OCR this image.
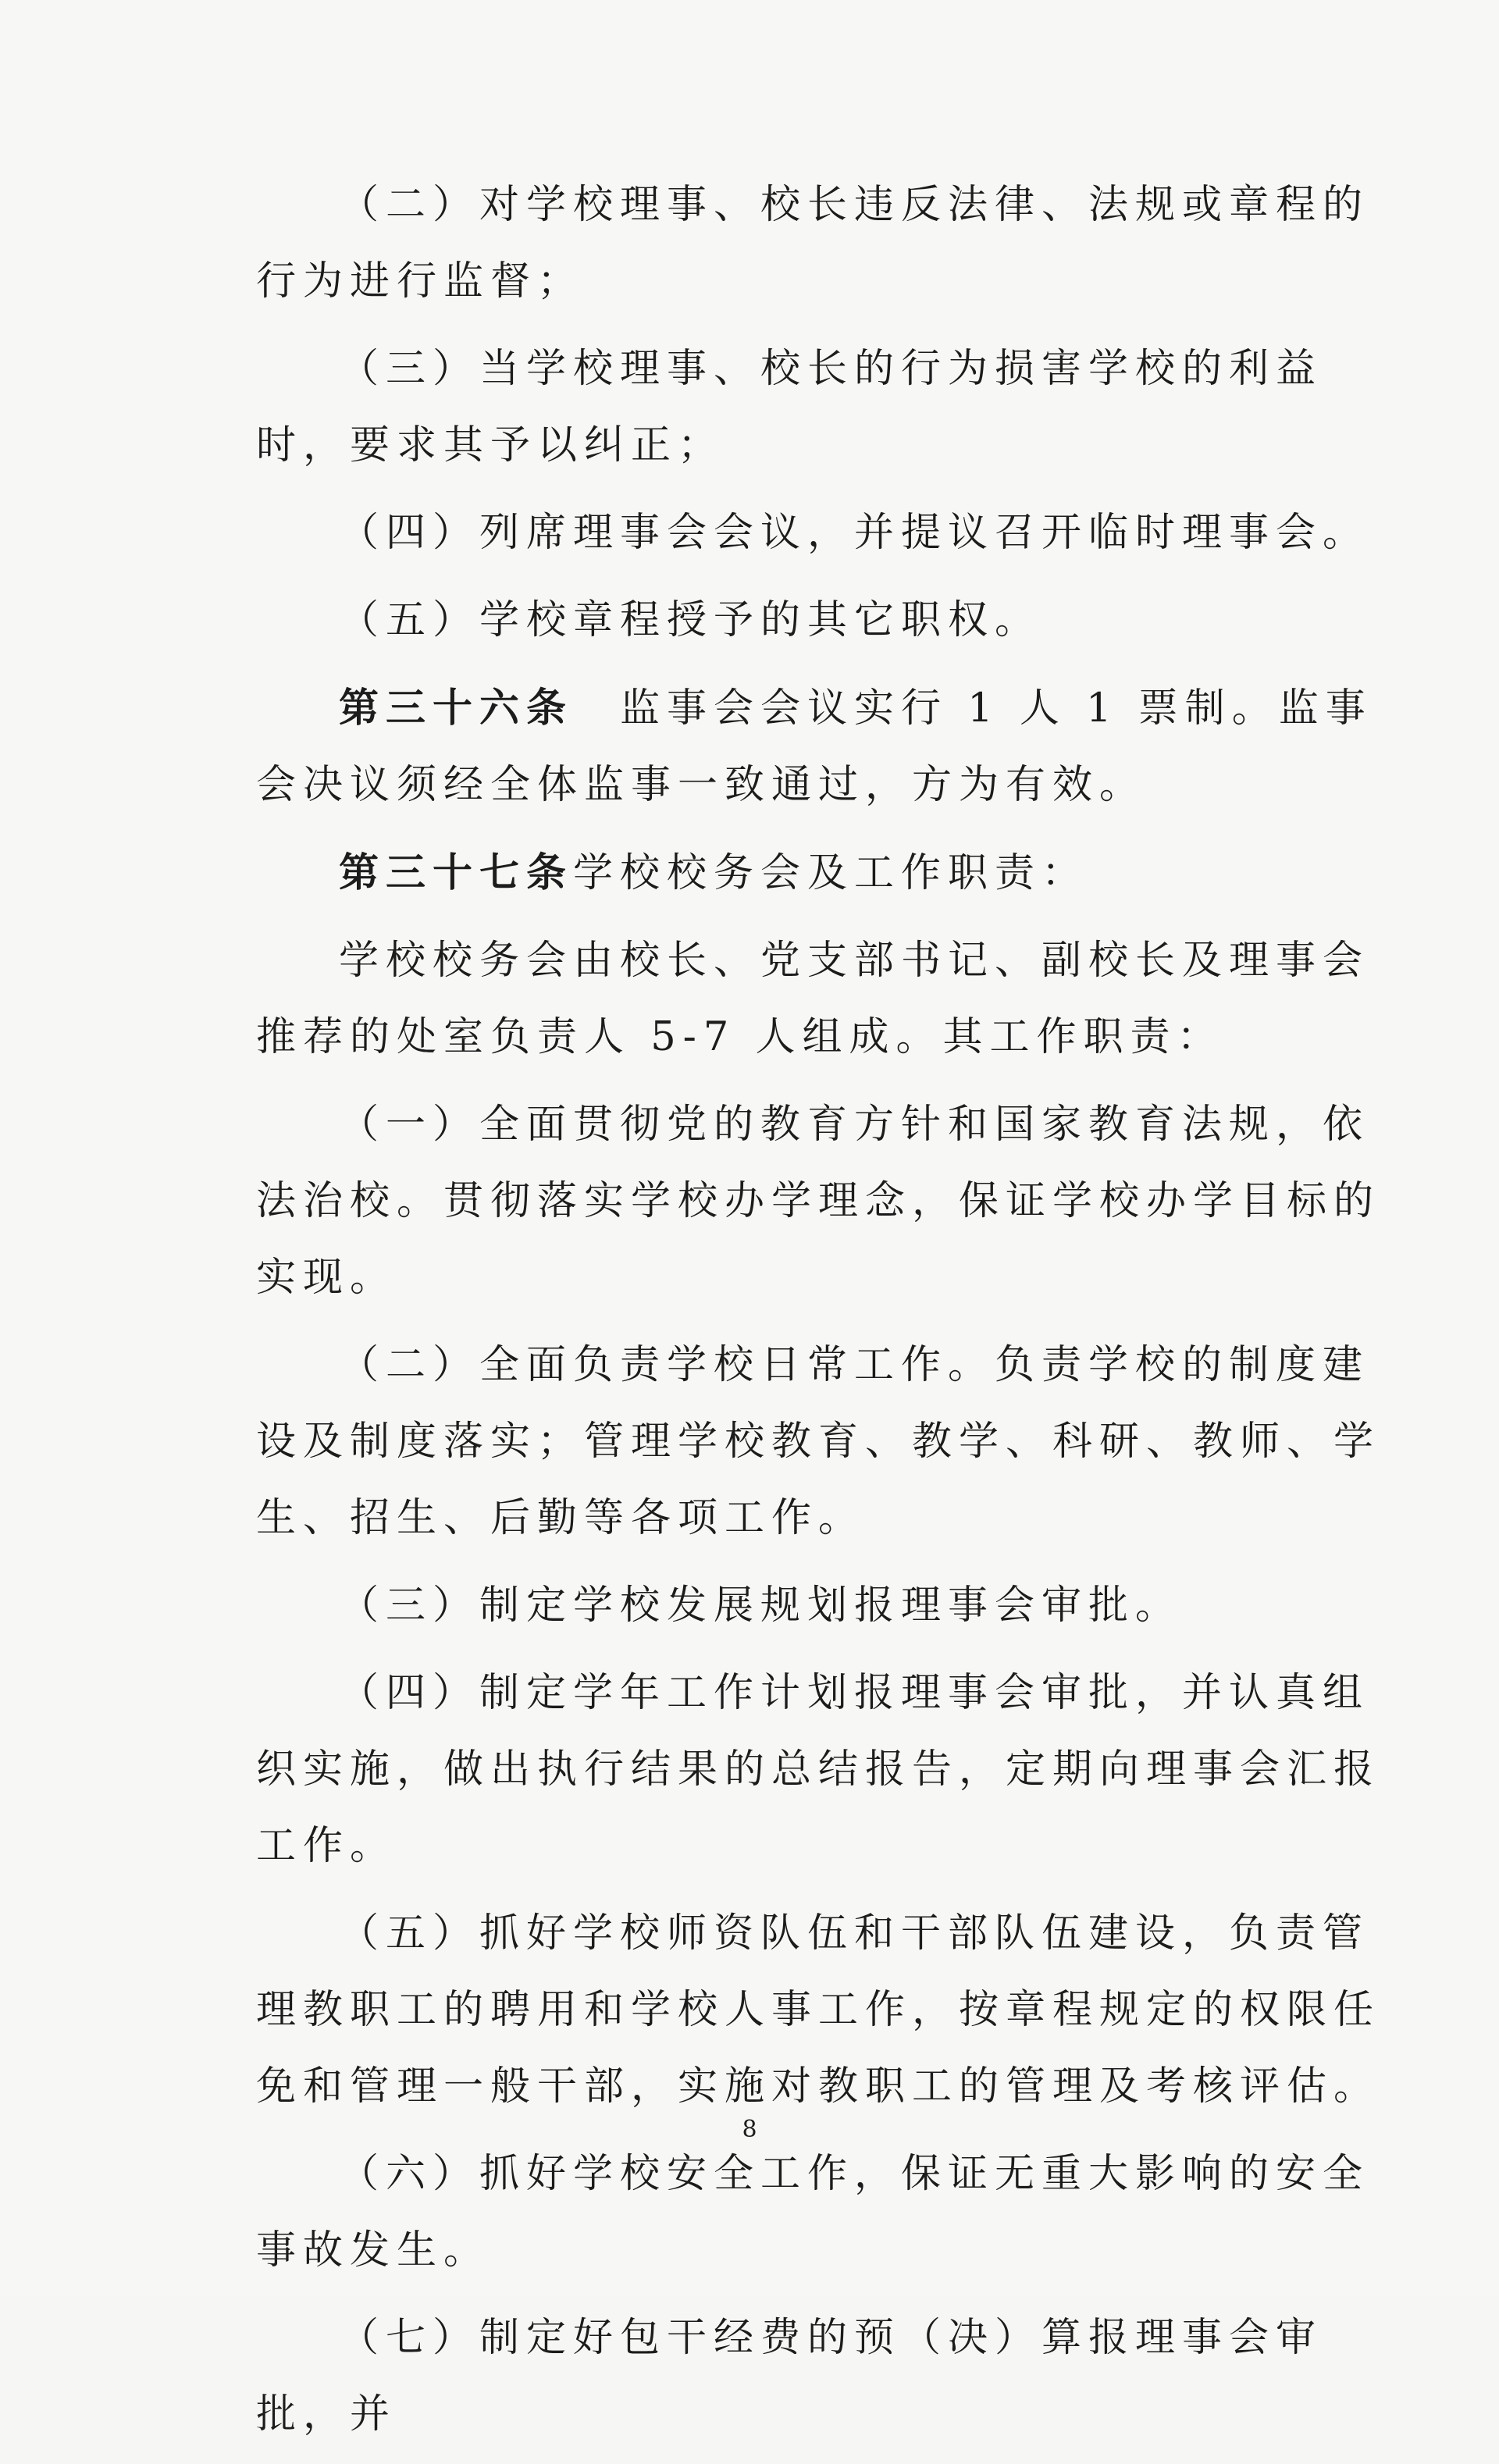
（二）对学校理事、校长违反法律、法规或章程的行为进行监督；

（三）当学校理事、校长的行为损害学校的利益时，要求其予以纠正；

（四）列席理事会会议，并提议召开临时理事会。

（五）学校章程授予的其它职权。

第三十六条　监事会会议实行 1 人 1 票制。监事会决议须经全体监事一致通过，方为有效。

第三十七条学校校务会及工作职责：

学校校务会由校长、党支部书记、副校长及理事会推荐的处室负责人 5-7 人组成。其工作职责：

（一）全面贯彻党的教育方针和国家教育法规，依法治校。贯彻落实学校办学理念，保证学校办学目标的实现。

（二）全面负责学校日常工作。负责学校的制度建设及制度落实；管理学校教育、教学、科研、教师、学生、招生、后勤等各项工作。

（三）制定学校发展规划报理事会审批。

（四）制定学年工作计划报理事会审批，并认真组织实施，做出执行结果的总结报告，定期向理事会汇报工作。

（五）抓好学校师资队伍和干部队伍建设，负责管理教职工的聘用和学校人事工作，按章程规定的权限任免和管理一般干部，实施对教职工的管理及考核评估。

（六）抓好学校安全工作，保证无重大影响的安全事故发生。

（七）制定好包干经费的预（决）算报理事会审批，并

8
